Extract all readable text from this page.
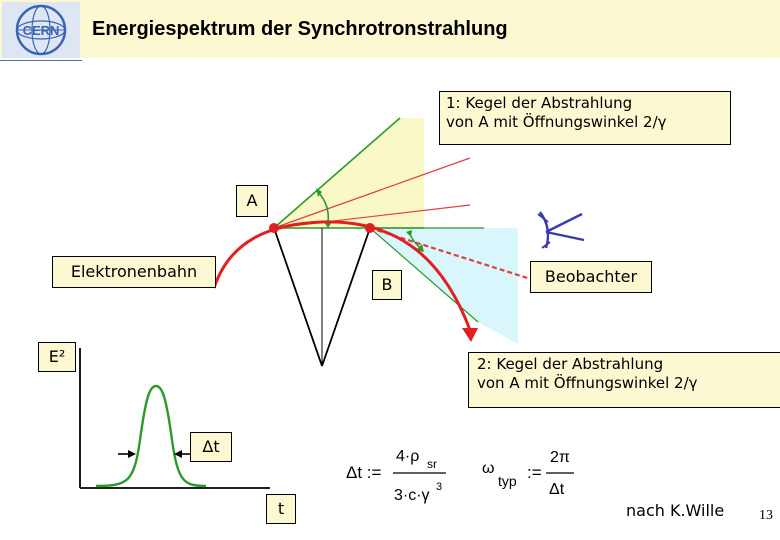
CERN Energiespektrum der Synchrotronstrahlung
Δt :=
4·ρ sr
3·c·γ 3
ω
typ :=
2π
Δt
1: Kegel der Abstrahlung
von A mit Öffnungswinkel 2/γ
2: Kegel der Abstrahlung
von A mit Öffnungswinkel 2/γ
A
Elektronenbahn
B	Beobachter
E²
Δt
t	nach K.Wille 13
